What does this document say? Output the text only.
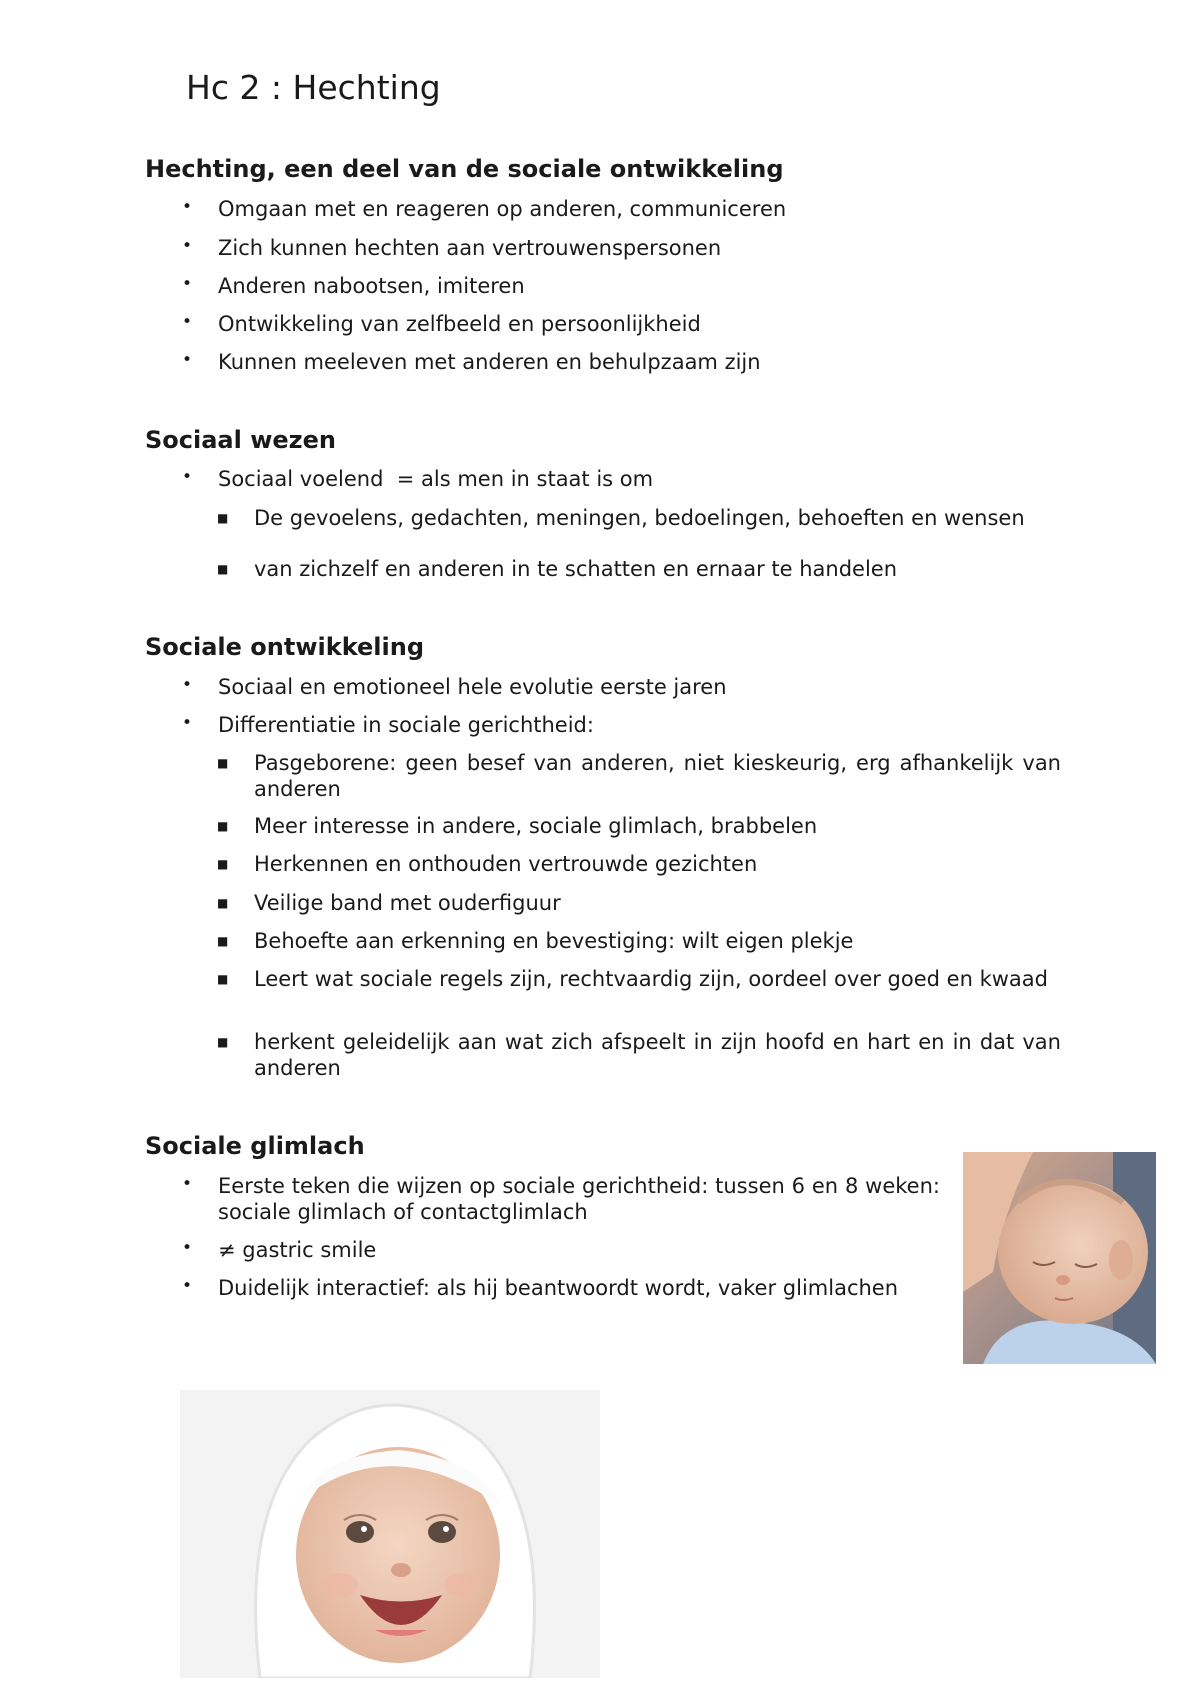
Hc 2 : Hechting
Hechting, een deel van de sociale ontwikkeling
• Omgaan met en reageren op anderen, communiceren
• Zich kunnen hechten aan vertrouwenspersonen
• Anderen nabootsen, imiteren
• Ontwikkeling van zelfbeeld en persoonlijkheid
• Kunnen meeleven met anderen en behulpzaam zijn
Sociaal wezen
• Sociaal voelend  = als men in staat is om
■ De gevoelens, gedachten, meningen, bedoelingen, behoeften en wensen
■ van zichzelf en anderen in te schatten en ernaar te handelen
Sociale ontwikkeling
• Sociaal en emotioneel hele evolutie eerste jaren
• Differentiatie in sociale gerichtheid:
■ Pasgeborene: geen besef van anderen, niet kieskeurig, erg afhankelijk van anderen
■ Meer interesse in andere, sociale glimlach, brabbelen
■ Herkennen en onthouden vertrouwde gezichten
■ Veilige band met ouderfiguur
■ Behoefte aan erkenning en bevestiging: wilt eigen plekje
■ Leert wat sociale regels zijn, rechtvaardig zijn, oordeel over goed en kwaad
■ herkent geleidelijk aan wat zich afspeelt in zijn hoofd en hart en in dat van anderen
Sociale glimlach
• Eerste teken die wijzen op sociale gerichtheid: tussen 6 en 8 weken: sociale glimlach of contactglimlach
• ≠ gastric smile
• Duidelijk interactief: als hij beantwoordt wordt, vaker glimlachen
